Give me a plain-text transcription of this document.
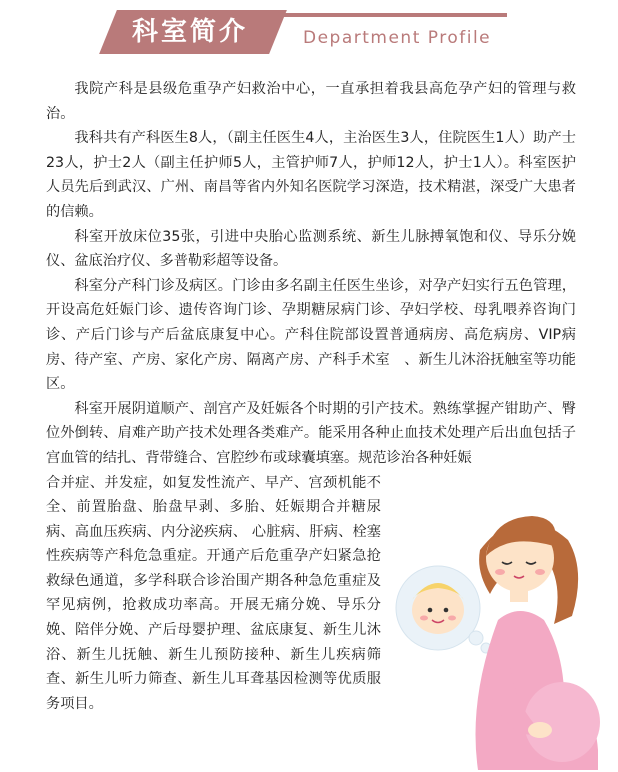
科室简介	Department Profile

我院产科是县级危重孕产妇救治中心，一直承担着我县高危孕产妇的管理与救治。

我科共有产科医生8人，（副主任医生4人，主治医生3人，住院医生1人）助产士23人，护士2人（副主任护师5人，主管护师7人，护师12人，护士1人）。科室医护人员先后到武汉、广州、南昌等省内外知名医院学习深造，技术精湛，深受广大患者的信赖。

科室开放床位35张，引进中央胎心监测系统、新生儿脉搏氧饱和仪、导乐分娩仪、盆底治疗仪、多普勒彩超等设备。

科室分产科门诊及病区。门诊由多名副主任医生坐诊，对孕产妇实行五色管理，开设高危妊娠门诊、遗传咨询门诊、孕期糖尿病门诊、孕妇学校、母乳喂养咨询门诊、产后门诊与产后盆底康复中心。产科住院部设置普通病房、高危病房、VIP病房、待产室、产房、家化产房、隔离产房、产科手术室　、新生儿沐浴抚触室等功能区。

科室开展阴道顺产、剖宫产及妊娠各个时期的引产技术。熟练掌握产钳助产、臀位外倒转、肩难产助产技术处理各类难产。能采用各种止血技术处理产后出血包括子宫血管的结扎、背带缝合、宫腔纱布或球囊填塞。规范诊治各种妊娠

合并症、并发症，如复发性流产、早产、宫颈机能不全、前置胎盘、胎盘早剥、多胎、妊娠期合并糖尿病、高血压疾病、内分泌疾病、 心脏病、肝病、栓塞性疾病等产科危急重症。开通产后危重孕产妇紧急抢救绿色通道，多学科联合诊治围产期各种急危重症及罕见病例，抢救成功率高。开展无痛分娩、导乐分娩、陪伴分娩、产后母婴护理、盆底康复、新生儿沐浴、新生儿抚触、新生儿预防接种、新生儿疾病筛查、新生儿听力筛查、新生儿耳聋基因检测等优质服务项目。
